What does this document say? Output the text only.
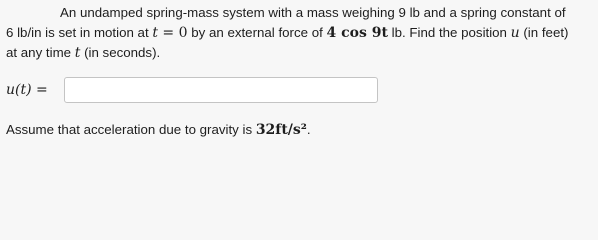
An undamped spring-mass system with a mass weighing 9 lb and a spring constant of
6 lb/in is set in motion at t = 0 by an external force of 4 cos 9t lb. Find the position u (in feet)
at any time t (in seconds).
u(t) =
Assume that acceleration due to gravity is 32ft/s².
